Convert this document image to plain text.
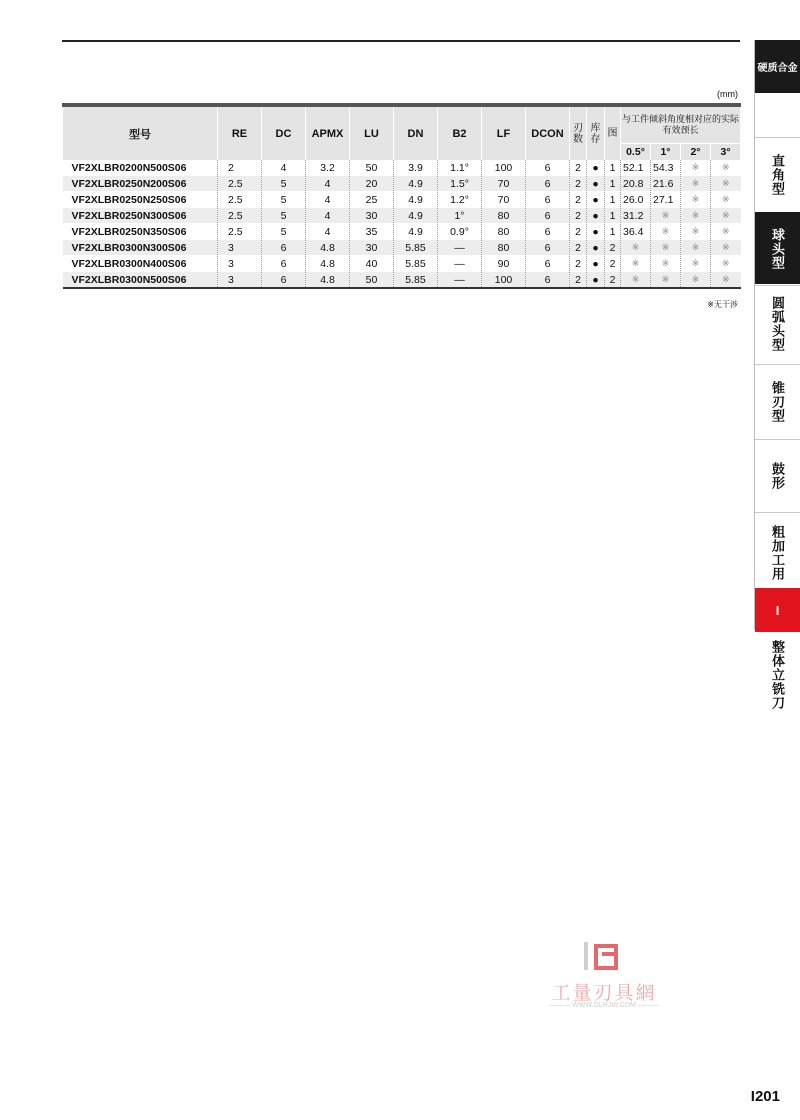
(mm)
型号	RE	DC	APMX	LU	DN	B2	LF	DCON	刃数	库存	图	与工件倾斜角度相对应的实际有效颈长			
												0.5°	1°	2°	3°
VF2XLBR0200N500S06	2	4	3.2	50	3.9	1.1°	100	6	2	●	1	52.1	54.3	※	※
VF2XLBR0250N200S06	2.5	5	4	20	4.9	1.5°	70	6	2	●	1	20.8	21.6	※	※
VF2XLBR0250N250S06	2.5	5	4	25	4.9	1.2°	70	6	2	●	1	26.0	27.1	※	※
VF2XLBR0250N300S06	2.5	5	4	30	4.9	1°	80	6	2	●	1	31.2	※	※	※
VF2XLBR0250N350S06	2.5	5	4	35	4.9	0.9°	80	6	2	●	1	36.4	※	※	※
VF2XLBR0300N300S06	3	6	4.8	30	5.85	—	80	6	2	●	2	※	※	※	※
VF2XLBR0300N400S06	3	6	4.8	40	5.85	—	90	6	2	●	2	※	※	※	※
VF2XLBR0300N500S06	3	6	4.8	50	5.85	—	100	6	2	●	2	※	※	※	※
※无干涉
硬质合金
直角型
球头型
圆弧头型
锥刃型
鼓形
粗加工用
I
整体立铣刀
工量刃具網
——— WWW.GLRJW.COM ———
I201
